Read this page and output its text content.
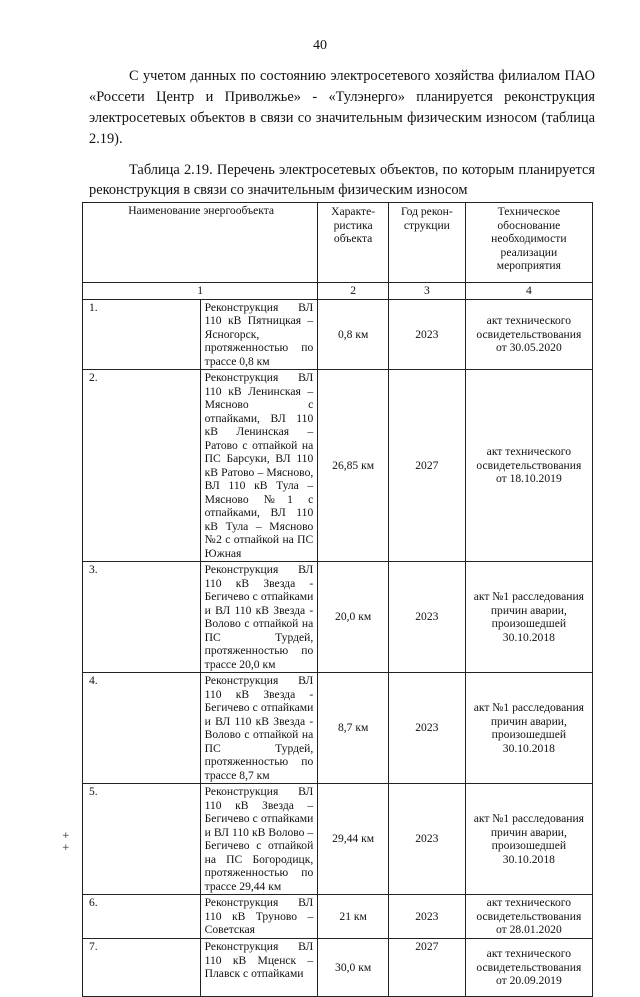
40

С учетом данных по состоянию электросетевого хозяйства филиалом ПАО «Россети Центр и Приволжье» - «Тулэнерго» планируется реконструкция электросетевых объектов в связи со значительным физическим износом (таблица 2.19).

Таблица 2.19. Перечень электросетевых объектов, по которым планируется реконструкция в связи со значительным физическим износом

Наименование энергообъекта		Характе-ристика объекта	Год рекон-струкции	Техническое обоснование необходимости реализации мероприятия
1		2	3	4
1.	Реконструкция ВЛ 110 кВ Пятницкая – Ясногорск, протяженностью по трассе 0,8 км	0,8 км	2023	акт технического освидетельствования от 30.05.2020
2.	Реконструкция ВЛ 110 кВ Ленинская – Мясново с отпайками, ВЛ 110 кВ Ленинская – Ратово с отпайкой на ПС Барсуки, ВЛ 110 кВ Ратово – Мясново, ВЛ 110 кВ Тула – Мясново №1 с отпайками, ВЛ 110 кВ Тула – Мясново №2 с отпайкой на ПС Южная	26,85 км	2027	акт технического освидетельствования от 18.10.2019
3.	Реконструкция ВЛ 110 кВ Звезда - Бегичево с отпайками и ВЛ 110 кВ Звезда - Волово с отпайкой на ПС Турдей, протяженностью по трассе 20,0 км	20,0 км	2023	акт №1 расследования причин аварии, произошедшей 30.10.2018
4.	Реконструкция ВЛ 110 кВ Звезда - Бегичево с отпайками и ВЛ 110 кВ Звезда - Волово с отпайкой на ПС Турдей, протяженностью по трассе 8,7 км	8,7 км	2023	акт №1 расследования причин аварии, произошедшей 30.10.2018
5.	Реконструкция ВЛ 110 кВ Звезда – Бегичево с отпайками и ВЛ 110 кВ Волово – Бегичево с отпайкой на ПС Богородицк, протяженностью по трассе 29,44 км	29,44 км	2023	акт №1 расследования причин аварии, произошедшей 30.10.2018
6.	Реконструкция ВЛ 110 кВ Труново – Советская	21 км	2023	акт технического освидетельствования от 28.01.2020
7.	Реконструкция ВЛ 110 кВ Мценск – Плавск с отпайками	30,0 км	2027	акт технического освидетельствования от 20.09.2019
+
+
